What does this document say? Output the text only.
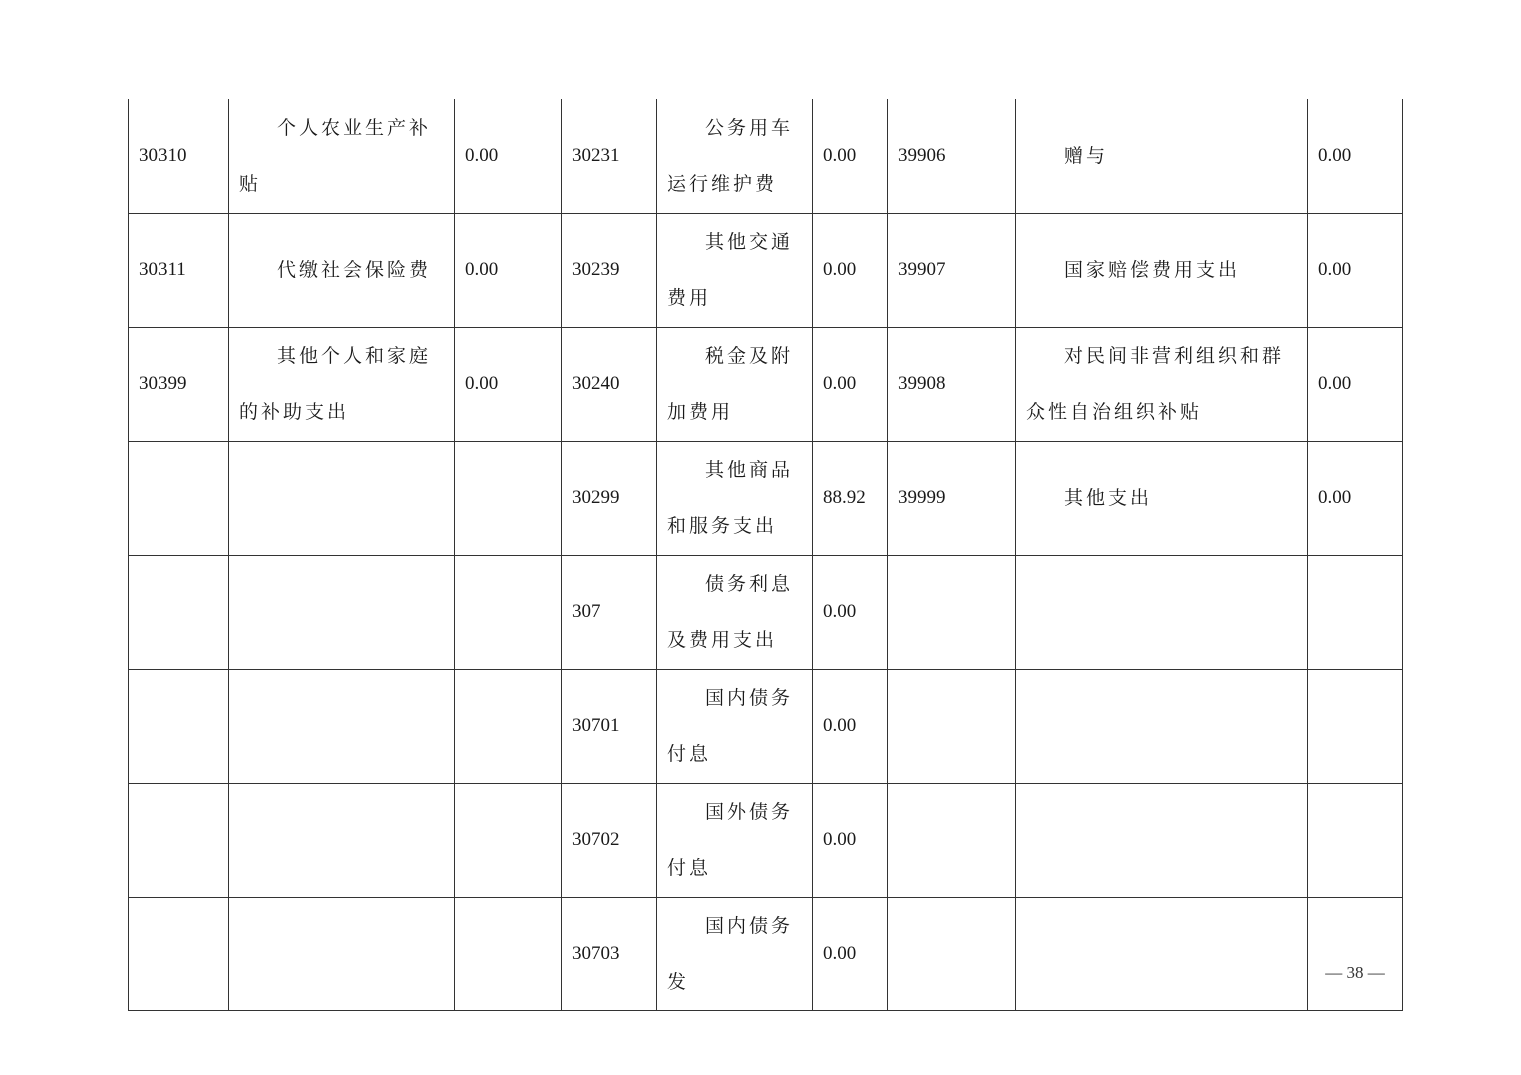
30310	个人农业生产补贴	0.00	30231	公务用车运行维护费	0.00	39906	赠与	0.00
30311	代缴社会保险费	0.00	30239	其他交通费用	0.00	39907	国家赔偿费用支出	0.00
30399	其他个人和家庭的补助支出	0.00	30240	税金及附加费用	0.00	39908	对民间非营利组织和群众性自治组织补贴	0.00
			30299	其他商品和服务支出	88.92	39999	其他支出	0.00
			307	债务利息及费用支出	0.00			
			30701	国内债务付息	0.00			
			30702	国外债务付息	0.00			
			30703	国内债务发	0.00			
— 38 —
